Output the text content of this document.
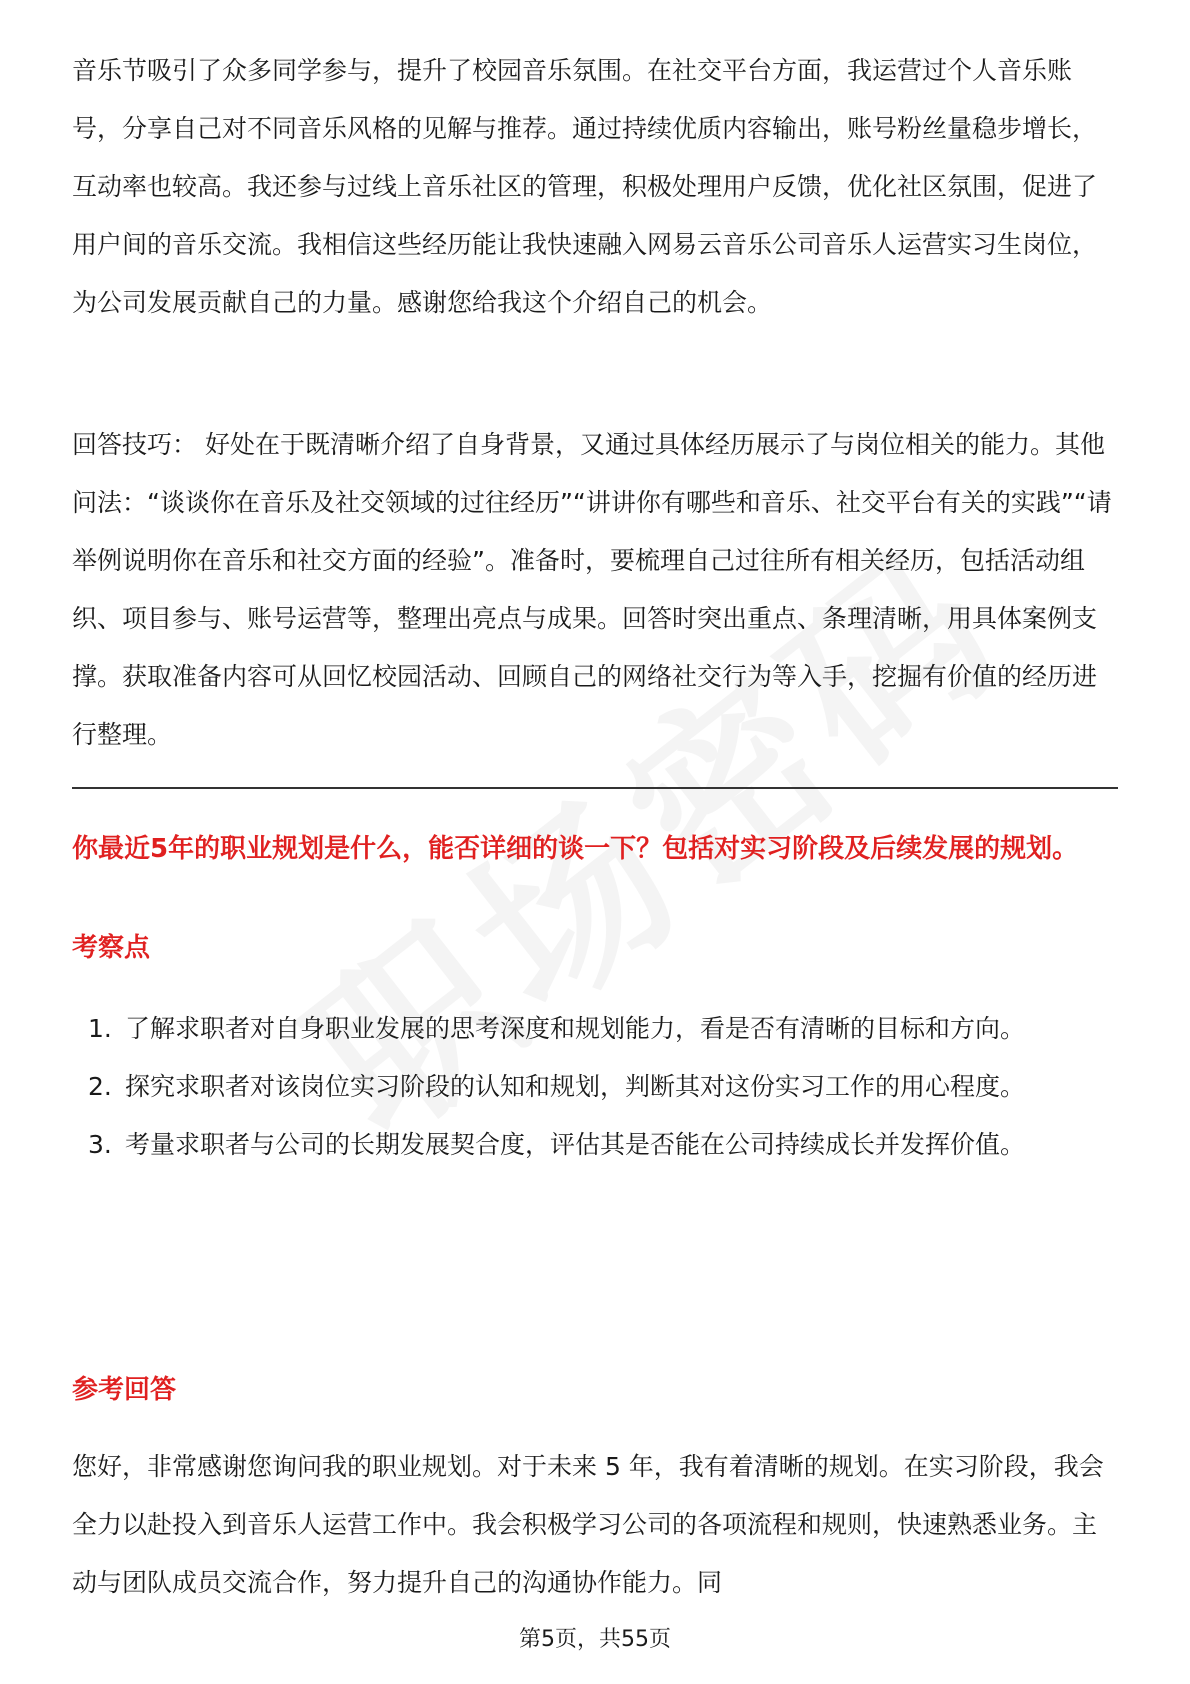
音乐节吸引了众多同学参与，提升了校园音乐氛围。在社交平台方面，我运营过个人音乐账号，分享自己对不同音乐风格的见解与推荐。通过持续优质内容输出，账号粉丝量稳步增长，互动率也较高。我还参与过线上音乐社区的管理，积极处理用户反馈，优化社区氛围，促进了用户间的音乐交流。我相信这些经历能让我快速融入网易云音乐公司音乐人运营实习生岗位，为公司发展贡献自己的力量。感谢您给我这个介绍自己的机会。

回答技巧： 好处在于既清晰介绍了自身背景，又通过具体经历展示了与岗位相关的能力。其他问法：“谈谈你在音乐及社交领域的过往经历”“讲讲你有哪些和音乐、社交平台有关的实践”“请举例说明你在音乐和社交方面的经验”。准备时，要梳理自己过往所有相关经历，包括活动组织、项目参与、账号运营等，整理出亮点与成果。回答时突出重点、条理清晰，用具体案例支撑。获取准备内容可从回忆校园活动、回顾自己的网络社交行为等入手，挖掘有价值的经历进行整理。

你最近5年的职业规划是什么，能否详细的谈一下？包括对实习阶段及后续发展的规划。

考察点

1. 了解求职者对自身职业发展的思考深度和规划能力，看是否有清晰的目标和方向。
2. 探究求职者对该岗位实习阶段的认知和规划，判断其对这份实习工作的用心程度。
3. 考量求职者与公司的长期发展契合度，评估其是否能在公司持续成长并发挥价值。

参考回答

您好，非常感谢您询问我的职业规划。对于未来 5 年，我有着清晰的规划。在实习阶段，我会全力以赴投入到音乐人运营工作中。我会积极学习公司的各项流程和规则，快速熟悉业务。主动与团队成员交流合作，努力提升自己的沟通协作能力。同

第5页，共55页
